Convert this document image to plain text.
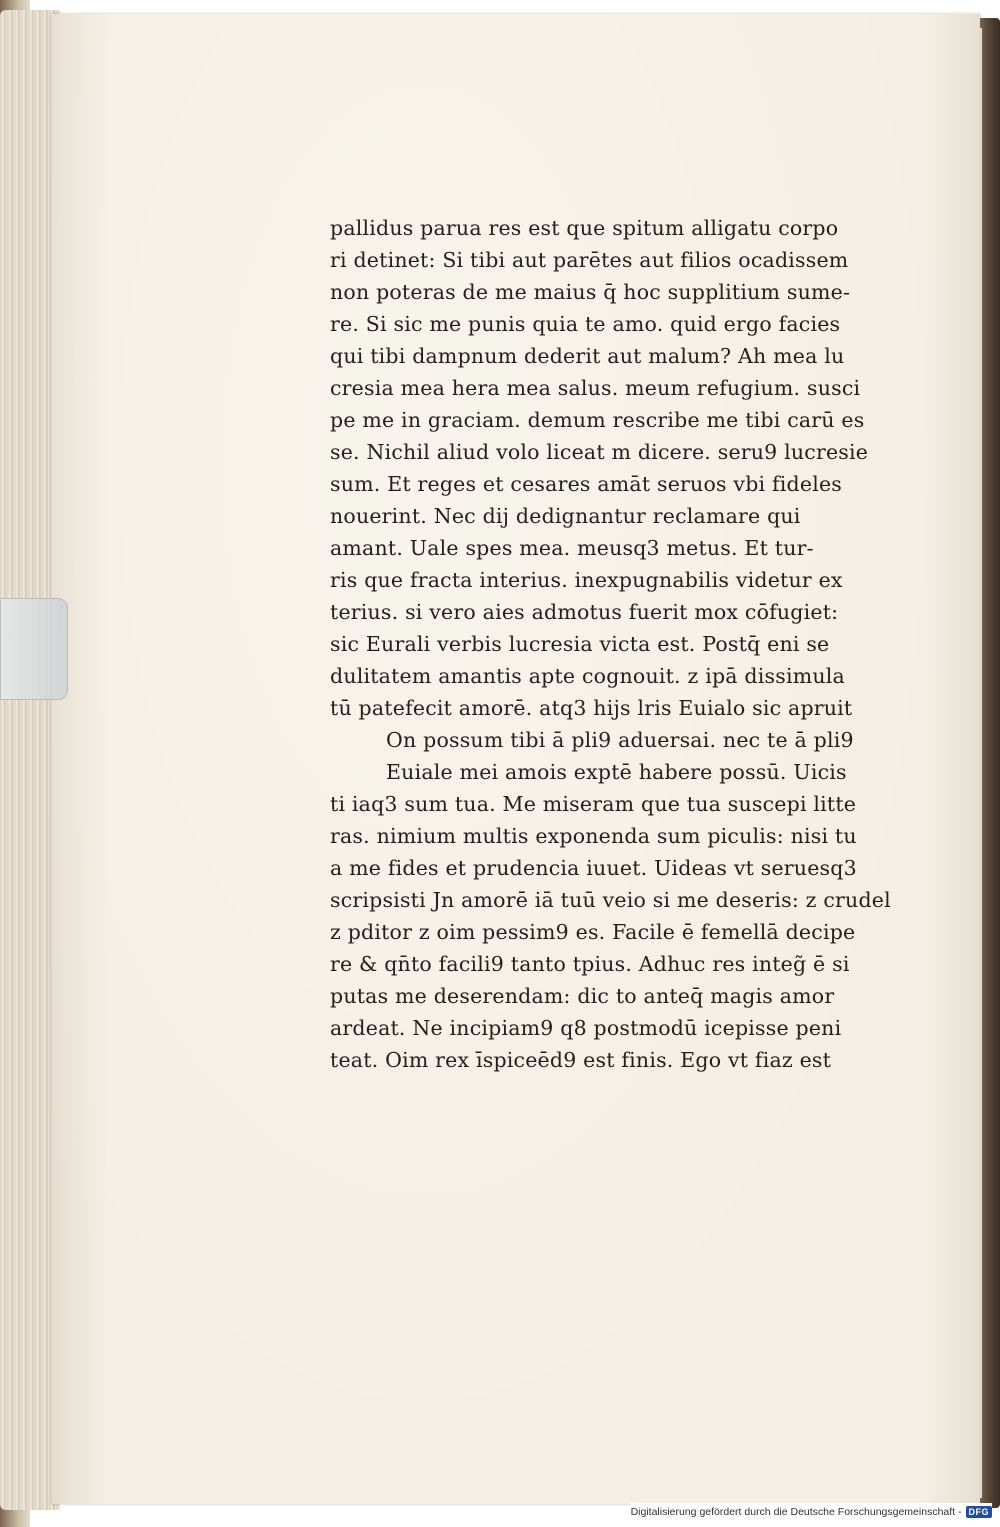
pallidus parua res est que spitum alligatu corpo
ri detinet: Si tibi aut parētes aut filios ocadissem
non poteras de me maius q̄ hoc supplitium sume-
re. Si sic me punis quia te amo. quid ergo facies
qui tibi dampnum dederit aut malum? Ah mea lu
cresia mea hera mea salus. meum refugium. susci
pe me in graciam. demum rescribe me tibi carū es
se. Nichil aliud volo liceat m dicere. seru9 lucresie
sum. Et reges et cesares amāt seruos vbi fideles
nouerint. Nec dij dedignantur reclamare qui
amant. Uale spes mea. meusq3 metus. Et tur-
ris que fracta interius. inexpugnabilis videtur ex
terius. si vero aies admotus fuerit mox cōfugiet:
sic Eurali verbis lucresia victa est. Postq̄ eni se
dulitatem amantis apte cognouit. z ipā dissimula
tū patefecit amorē. atq3 hijs lris Euialo sic apruit
On possum tibi ā pli9 aduersai. nec te ā pli9
Euiale mei amois exptē habere possū. Uicis
ti iaq3 sum tua. Me miseram que tua suscepi litte
ras. nimium multis exponenda sum piculis: nisi tu
a me fides et prudencia iuuet. Uideas vt seruesq3
scripsisti Jn amorē iā tuū veio si me deseris: z crudel
z pditor z oim pessim9 es. Facile ē femellā decipe
re & qn̄to facili9 tanto tpius. Adhuc res integ̃ ē si
putas me deserendam: dic to anteq̄ magis amor
ardeat. Ne incipiam9 q8 postmodū icepisse peni
teat. Oim rex īspiceēd9 est finis. Ego vt fiaz est
Digitalisierung gefördert durch die Deutsche Forschungsgemeinschaft - DFG
